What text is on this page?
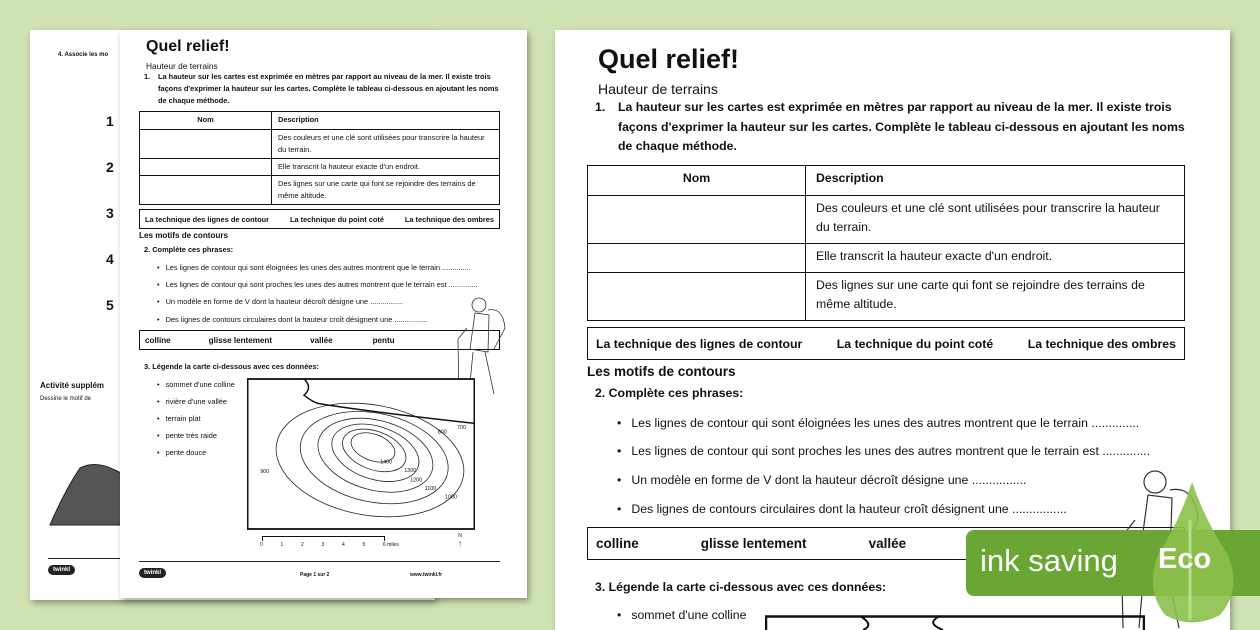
4. Associe les mo
1
2
3
4
5
Activité supplém
Dessine le motif de
twinkl
Quel relief!
Hauteur de terrains
1.	La hauteur sur les cartes est exprimée en mètres par rapport au niveau de la mer. Il existe trois façons d'exprimer la hauteur sur les cartes. Complète le tableau ci-dessous en ajoutant les noms de chaque méthode.
Nom	Description
	Des couleurs et une clé sont utilisées pour transcrire la hauteur du terrain.
	Elle transcrit la hauteur exacte d'un endroit.
	Des lignes sur une carte qui font se rejoindre des terrains de même altitude.
La technique des lignes de contour	La technique du point coté	La technique des ombres
Les motifs de contours
2. Complète ces phrases:
• Les lignes de contour qui sont éloignées les unes des autres montrent que le terrain ..............
• Les lignes de contour qui sont proches les unes des autres montrent que le terrain est ..............
• Un modèle en forme de V dont la hauteur décroît désigne une ................
• Des lignes de contours circulaires dont la hauteur croît désignent une ................
colline	glisse lentement	vallée	pentu
3. Légende la carte ci-dessous avec ces données:
• sommet d'une colline
• rivière d'une vallée
• terrain plat
• pente très raide
• pente douce
1400
1300
1200
1100
1000
900
800
700
0	1	2	3	4	5	6 miles
N
↑
twinkl	Page 1 sur 2	www.twinkl.fr
Quel relief!
Hauteur de terrains
1.	La hauteur sur les cartes est exprimée en mètres par rapport au niveau de la mer. Il existe trois façons d'exprimer la hauteur sur les cartes. Complète le tableau ci-dessous en ajoutant les noms de chaque méthode.
Nom	Description
	Des couleurs et une clé sont utilisées pour transcrire la hauteur du terrain.
	Elle transcrit la hauteur exacte d'un endroit.
	Des lignes sur une carte qui font se rejoindre des terrains de même altitude.
La technique des lignes de contour	La technique du point coté	La technique des ombres
Les motifs de contours
2. Complète ces phrases:
• Les lignes de contour qui sont éloignées les unes des autres montrent que le terrain ..............
• Les lignes de contour qui sont proches les unes des autres montrent que le terrain est ..............
• Un modèle en forme de V dont la hauteur décroît désigne une ................
• Des lignes de contours circulaires dont la hauteur croît désignent une ................
colline	glisse lentement	vallée
3. Légende la carte ci-dessous avec ces données:
• sommet d'une colline
ink saving	Eco
